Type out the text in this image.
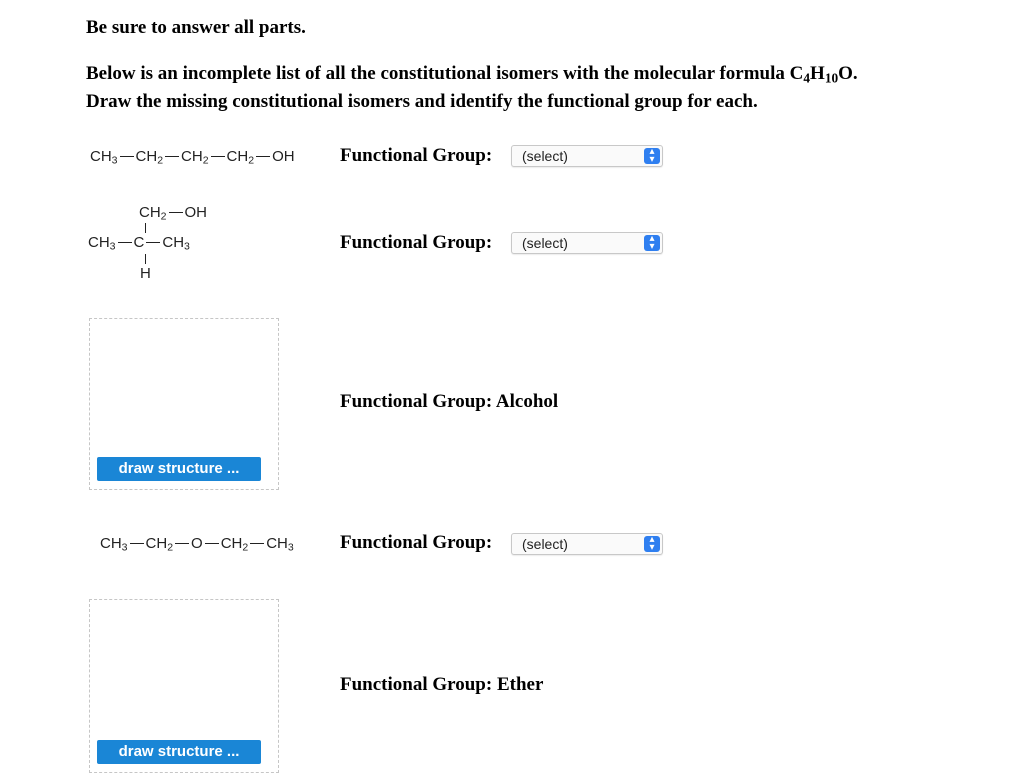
Be sure to answer all parts.
Below is an incomplete list of all the constitutional isomers with the molecular formula $C_4H_{10}O$.
Draw the missing constitutional isomers and identify the functional group for each.
$CH_3$ $CH_2$ $CH_2$ $CH_2$ OH Functional Group:	(select)	▴
▾
$CH_2$ OH
$CH_3$ C $CH_3$
H
Functional Group:	(select)	▴
▾
draw structure ...
Functional Group: Alcohol
$CH_3$ $CH_2$ O $CH_2$ $CH_3$ Functional Group:	(select)	▴
▾
draw structure ...
Functional Group: Ether
